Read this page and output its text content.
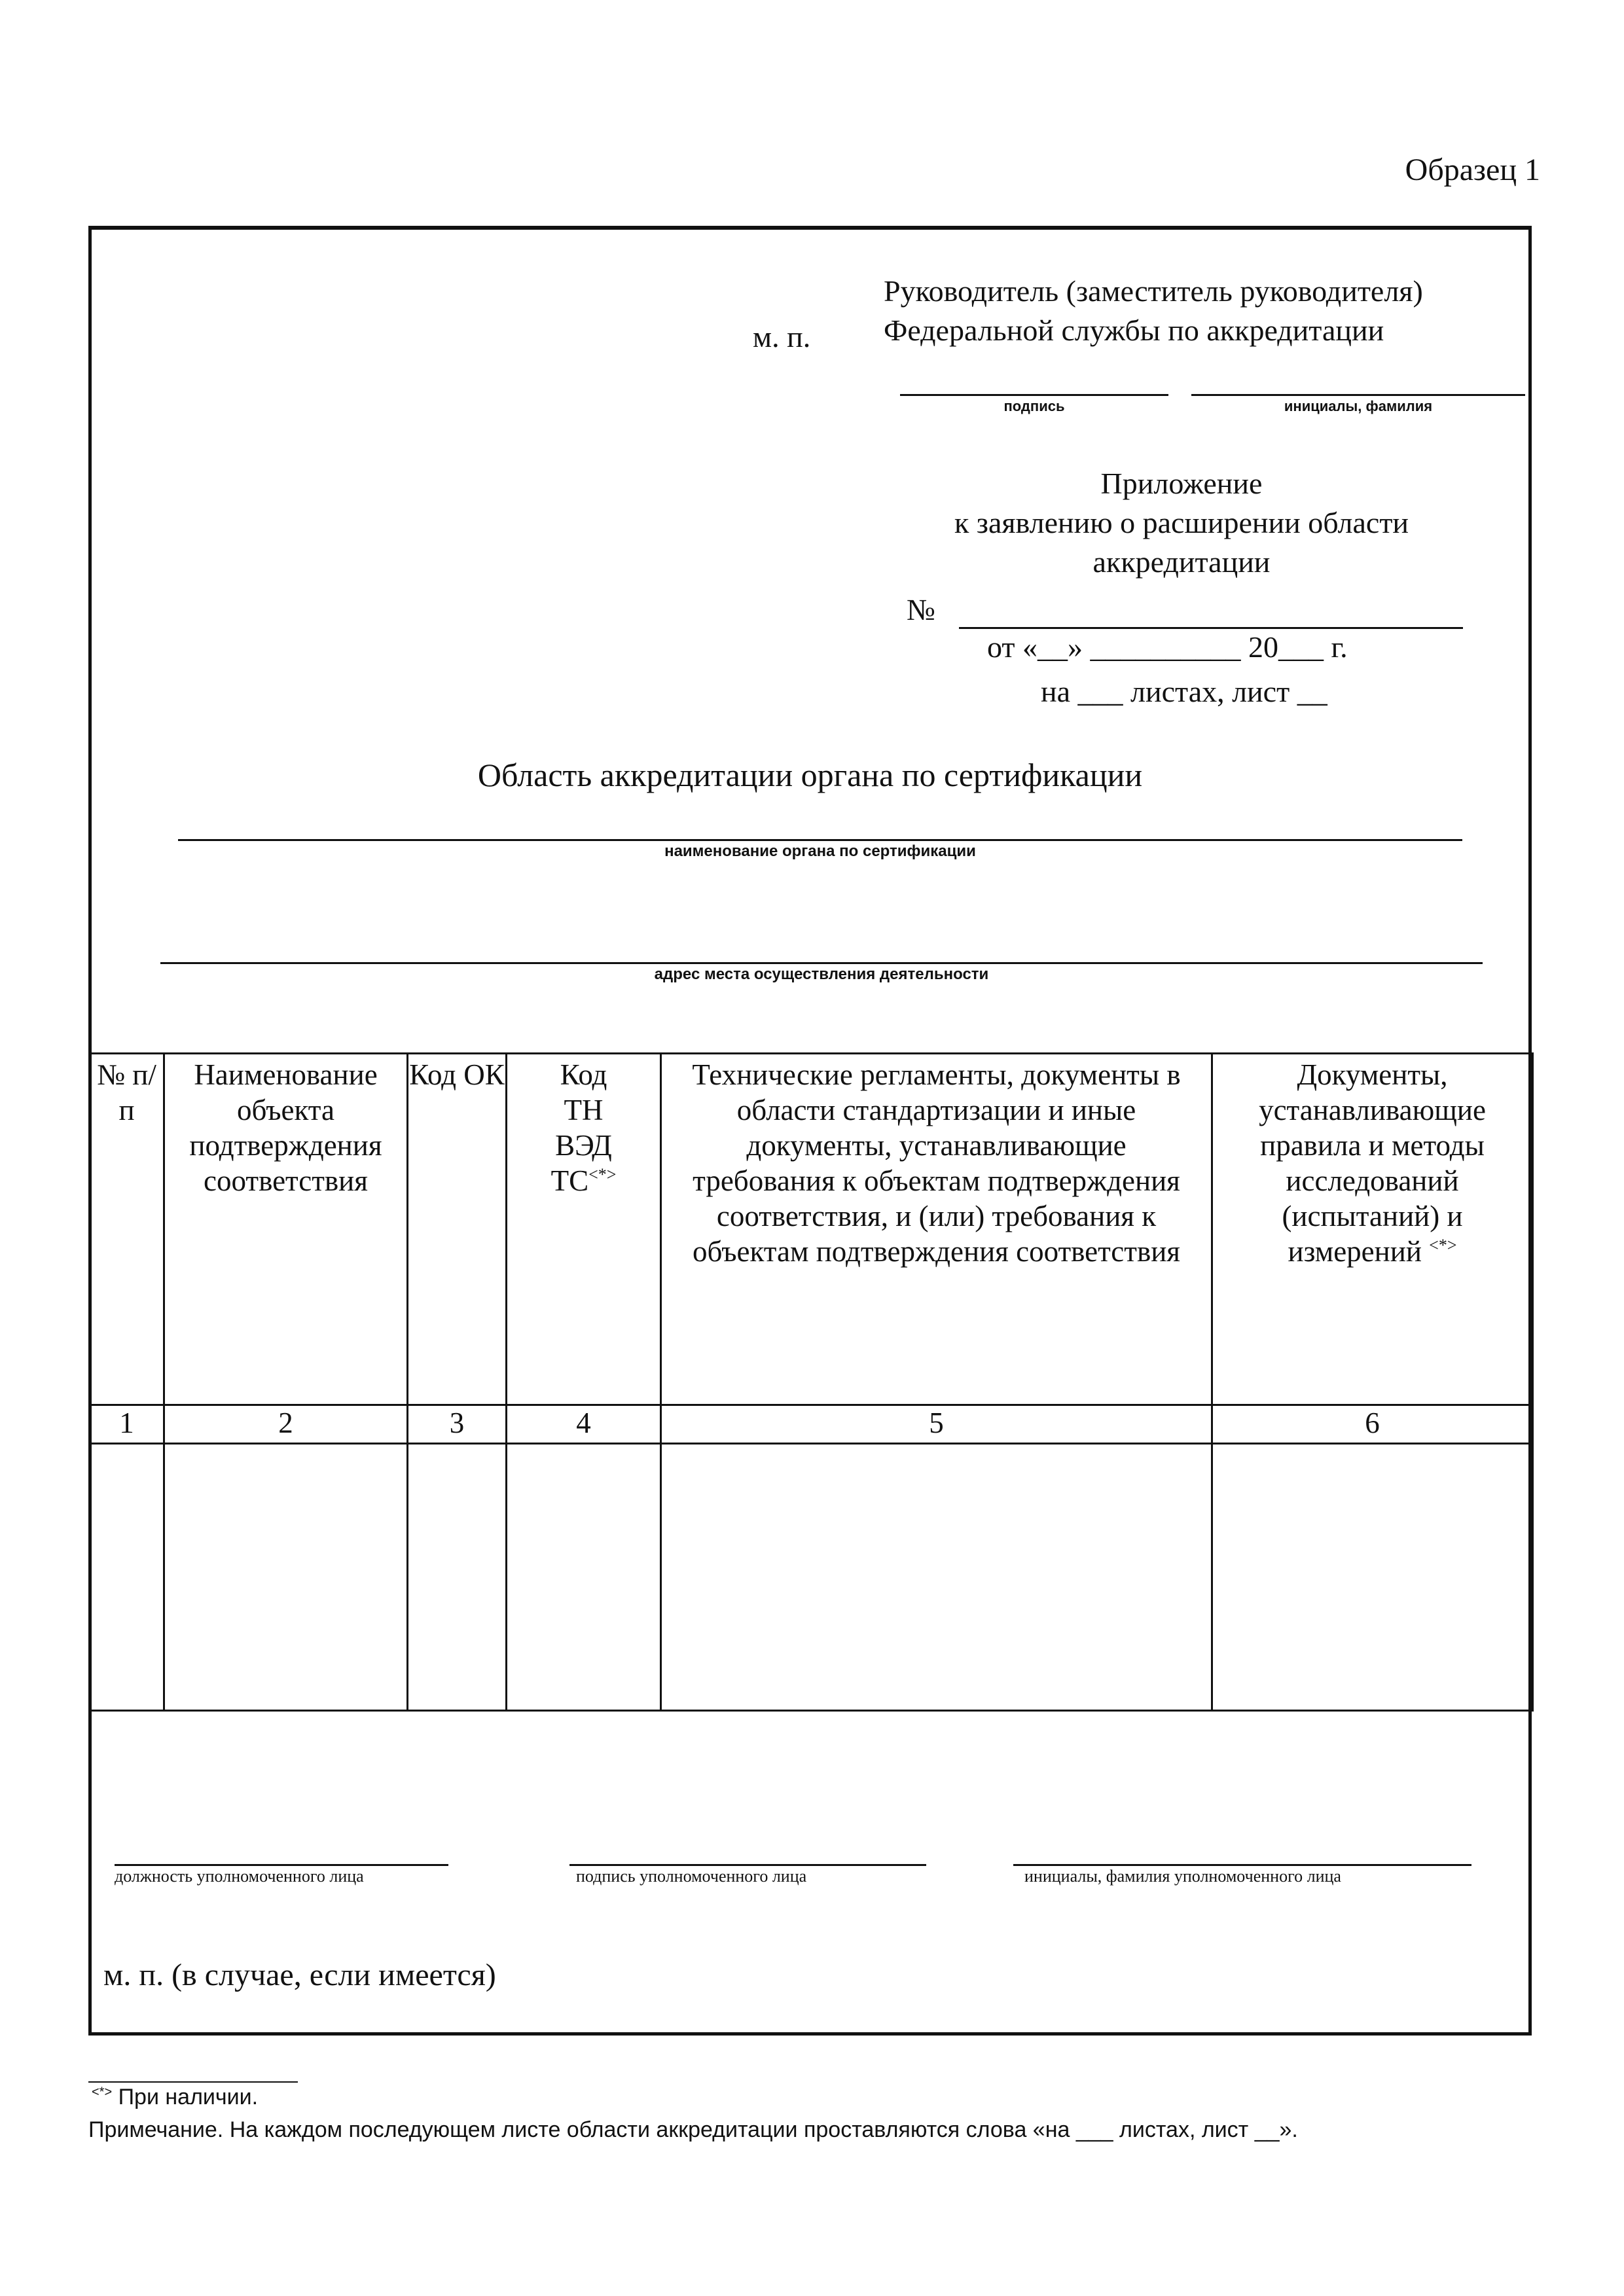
Образец 1
Руководитель (заместитель руководителя)
м. п. Федеральной службы по аккредитации
подпись	инициалы, фамилия
Приложение
к заявлению о расширении области
аккредитации
№
от «__» __________ 20___ г.
на ___ листах, лист __
Область аккредитации органа по сертификации
наименование органа по сертификации
адрес места осуществления деятельности
№ п/п	Наименование объекта подтверждения соответствия	Код ОК	Код ТН ВЭД ТС<*>	Технические регламенты, документы в области стандартизации и иные документы, устанавливающие требования к объектам подтверждения соответствия, и (или) требования к объектам подтверждения соответствия	Документы, устанавливающие правила и методы исследований (испытаний) и измерений <*>

1	2	3	4	5	6

должность уполномоченного лица	подпись уполномоченного лица	инициалы, фамилия уполномоченного лица
м. п. (в случае, если имеется)
<*> При наличии.
Примечание. На каждом последующем листе области аккредитации проставляются слова «на ___ листах, лист __».
